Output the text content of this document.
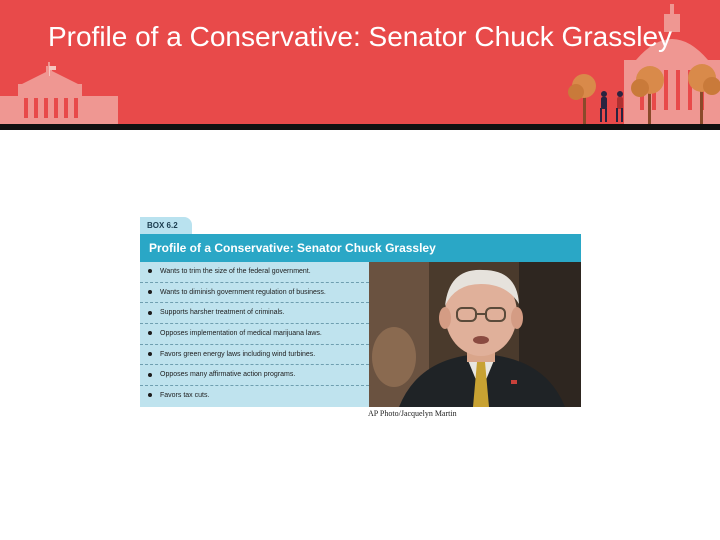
Profile of a Conservative: Senator Chuck Grassley
BOX 6.2
Profile of a Conservative: Senator Chuck Grassley
Wants to trim the size of the federal government.
Wants to diminish government regulation of business.
Supports harsher treatment of criminals.
Opposes implementation of medical marijuana laws.
Favors green energy laws including wind turbines.
Opposes many affirmative action programs.
Favors tax cuts.
AP Photo/Jacquelyn Martin
